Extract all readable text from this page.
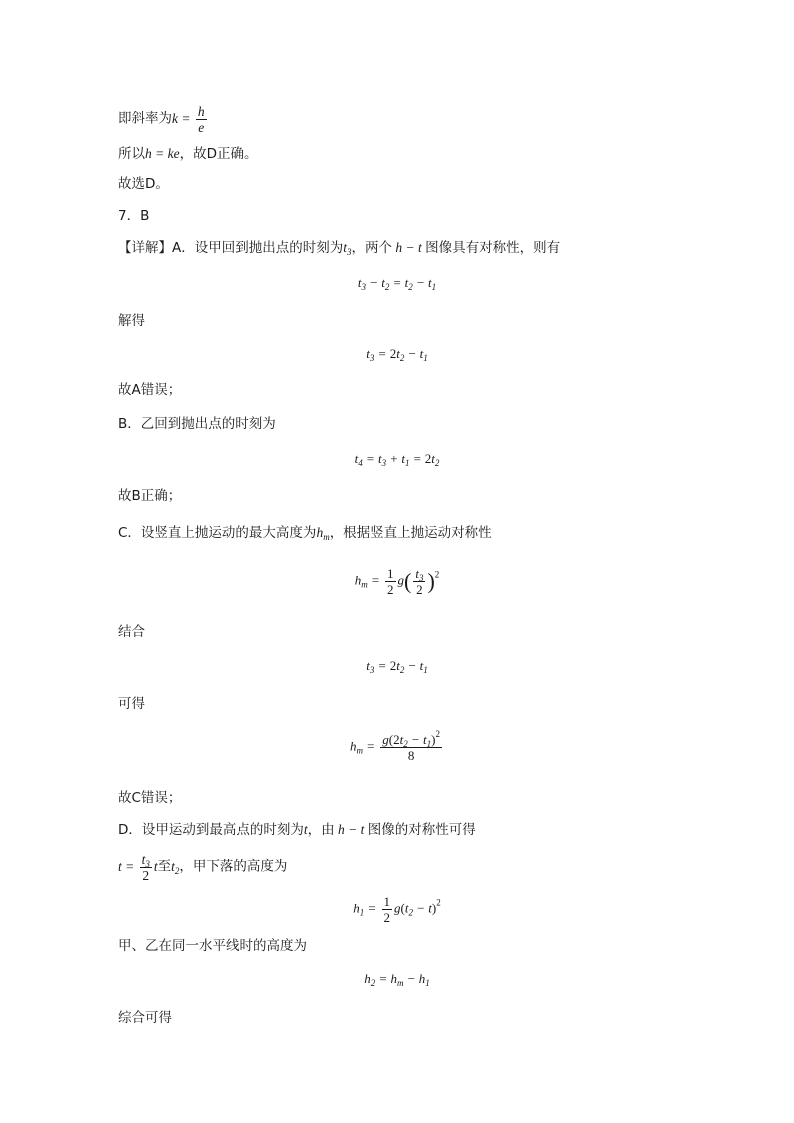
即斜率为$k = \frac{h}{e}$
所以h = ke，故D正确。
故选D。
7．B
【详解】A．设甲回到抛出点的时刻为$t_3$，两个 h − t 图像具有对称性，则有
$t_3 - t_2 = t_2 - t_1$
解得
$t_3 = 2t_2 - t_1$
故A错误；
B．乙回到抛出点的时刻为
$t_4 = t_3 + t_1 = 2t_2$
故B正确；
C．设竖直上抛运动的最大高度为$h_m$，根据竖直上抛运动对称性
$h_m = \frac{1}{2} g( \frac{t_3}{2} )^2$
结合
$t_3 = 2t_2 - t_1$
可得
$h_m = \frac{g(2t_2 - t_1)^2}{8}$
故C错误；
D．设甲运动到最高点的时刻为t，由 h − t 图像的对称性可得
$t = \frac{t_3}{2}$ t至$t_2$，甲下落的高度为
$h_1 = \frac{1}{2} g(t_2 - t)^2$
甲、乙在同一水平线时的高度为
$h_2 = h_m - h_1$
综合可得
